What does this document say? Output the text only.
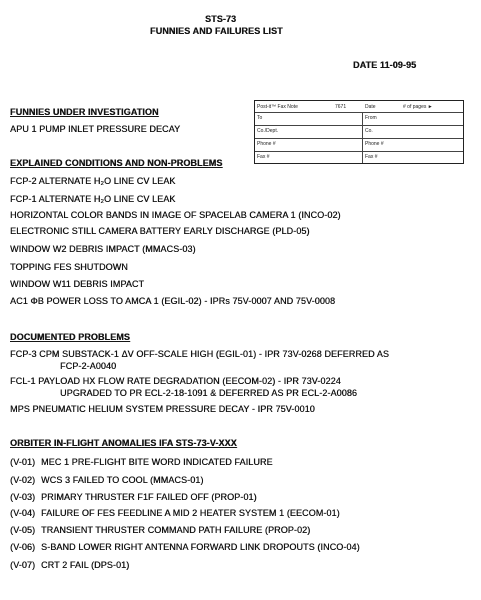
STS-73
FUNNIES AND FAILURES LIST
DATE 11-09-95
Post-it™ Fax Note	7671	Date	# of pages ►
To	From
Co./Dept.	Co.
Phone #	Phone #
Fax #	Fax #
FUNNIES UNDER INVESTIGATION
APU 1 PUMP INLET PRESSURE DECAY
EXPLAINED CONDITIONS AND NON-PROBLEMS
FCP-2 ALTERNATE H₂O LINE CV LEAK
FCP-1 ALTERNATE H₂O LINE CV LEAK
HORIZONTAL COLOR BANDS IN IMAGE OF SPACELAB CAMERA 1 (INCO-02)
ELECTRONIC STILL CAMERA BATTERY EARLY DISCHARGE (PLD-05)
WINDOW W2 DEBRIS IMPACT (MMACS-03)
TOPPING FES SHUTDOWN
WINDOW W11 DEBRIS IMPACT
AC1 ΦB POWER LOSS TO AMCA 1 (EGIL-02) - IPRs 75V-0007 AND 75V-0008
DOCUMENTED PROBLEMS
FCP-3 CPM SUBSTACK-1 ΔV OFF-SCALE HIGH (EGIL-01) - IPR 73V-0268 DEFERRED AS
FCP-2-A0040
FCL-1 PAYLOAD HX FLOW RATE DEGRADATION (EECOM-02) - IPR 73V-0224
UPGRADED TO PR ECL-2-18-1091 & DEFERRED AS PR ECL-2-A0086
MPS PNEUMATIC HELIUM SYSTEM PRESSURE DECAY - IPR 75V-0010
ORBITER IN-FLIGHT ANOMALIES IFA STS-73-V-XXX
(V-01) MEC 1 PRE-FLIGHT BITE WORD INDICATED FAILURE
(V-02) WCS 3 FAILED TO COOL (MMACS-01)
(V-03) PRIMARY THRUSTER F1F FAILED OFF (PROP-01)
(V-04) FAILURE OF FES FEEDLINE A MID 2 HEATER SYSTEM 1 (EECOM-01)
(V-05) TRANSIENT THRUSTER COMMAND PATH FAILURE (PROP-02)
(V-06) S-BAND LOWER RIGHT ANTENNA FORWARD LINK DROPOUTS (INCO-04)
(V-07) CRT 2 FAIL (DPS-01)
